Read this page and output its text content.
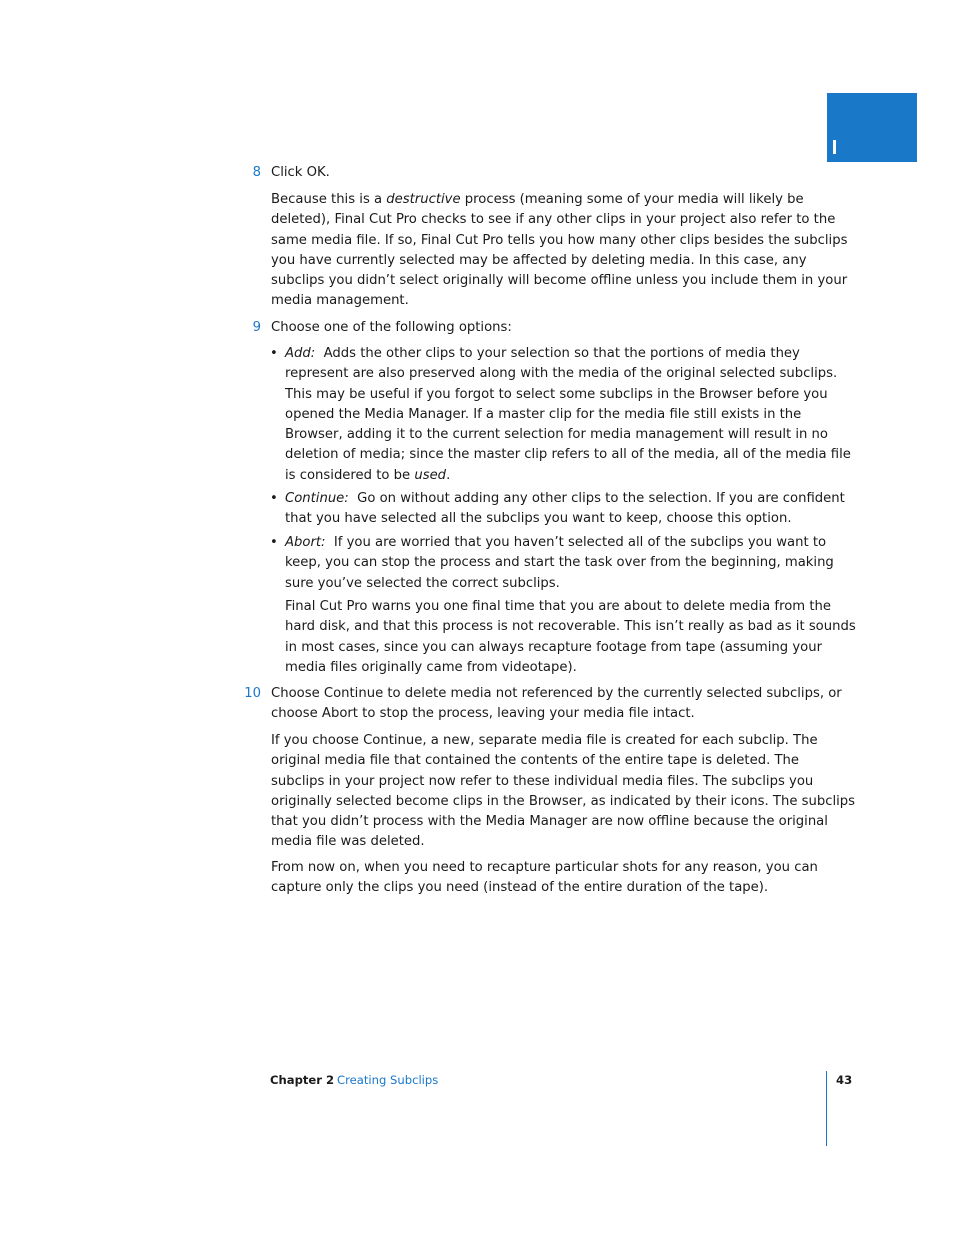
8 Click OK.
Because this is a destructive process (meaning some of your media will likely be
deleted), Final Cut Pro checks to see if any other clips in your project also refer to the
same media file. If so, Final Cut Pro tells you how many other clips besides the subclips
you have currently selected may be affected by deleting media. In this case, any
subclips you didn’t select originally will become offline unless you include them in your
media management.
9 Choose one of the following options:
• Add:  Adds the other clips to your selection so that the portions of media they
represent are also preserved along with the media of the original selected subclips.
This may be useful if you forgot to select some subclips in the Browser before you
opened the Media Manager. If a master clip for the media file still exists in the
Browser, adding it to the current selection for media management will result in no
deletion of media; since the master clip refers to all of the media, all of the media file
is considered to be used.
• Continue:  Go on without adding any other clips to the selection. If you are confident
that you have selected all the subclips you want to keep, choose this option.
• Abort:  If you are worried that you haven’t selected all of the subclips you want to
keep, you can stop the process and start the task over from the beginning, making
sure you’ve selected the correct subclips.
Final Cut Pro warns you one final time that you are about to delete media from the
hard disk, and that this process is not recoverable. This isn’t really as bad as it sounds
in most cases, since you can always recapture footage from tape (assuming your
media files originally came from videotape).
10 Choose Continue to delete media not referenced by the currently selected subclips, or
choose Abort to stop the process, leaving your media file intact.
If you choose Continue, a new, separate media file is created for each subclip. The
original media file that contained the contents of the entire tape is deleted. The
subclips in your project now refer to these individual media files. The subclips you
originally selected become clips in the Browser, as indicated by their icons. The subclips
that you didn’t process with the Media Manager are now offline because the original
media file was deleted.
From now on, when you need to recapture particular shots for any reason, you can
capture only the clips you need (instead of the entire duration of the tape).
Chapter 2 Creating Subclips	43
